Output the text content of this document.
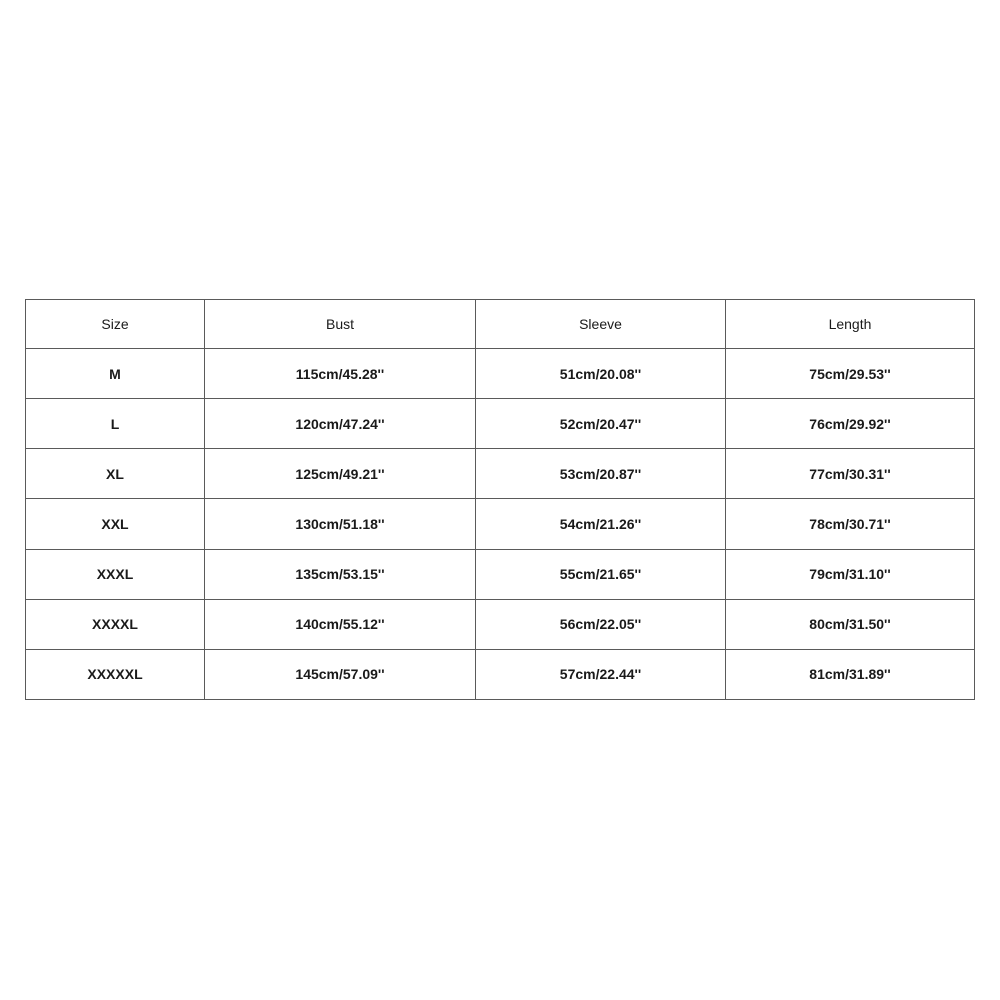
Size	Bust	Sleeve	Length
M	115cm/45.28''	51cm/20.08''	75cm/29.53''
L	120cm/47.24''	52cm/20.47''	76cm/29.92''
XL	125cm/49.21''	53cm/20.87''	77cm/30.31''
XXL	130cm/51.18''	54cm/21.26''	78cm/30.71''
XXXL	135cm/53.15''	55cm/21.65''	79cm/31.10''
XXXXL	140cm/55.12''	56cm/22.05''	80cm/31.50''
XXXXXL	145cm/57.09''	57cm/22.44''	81cm/31.89''
